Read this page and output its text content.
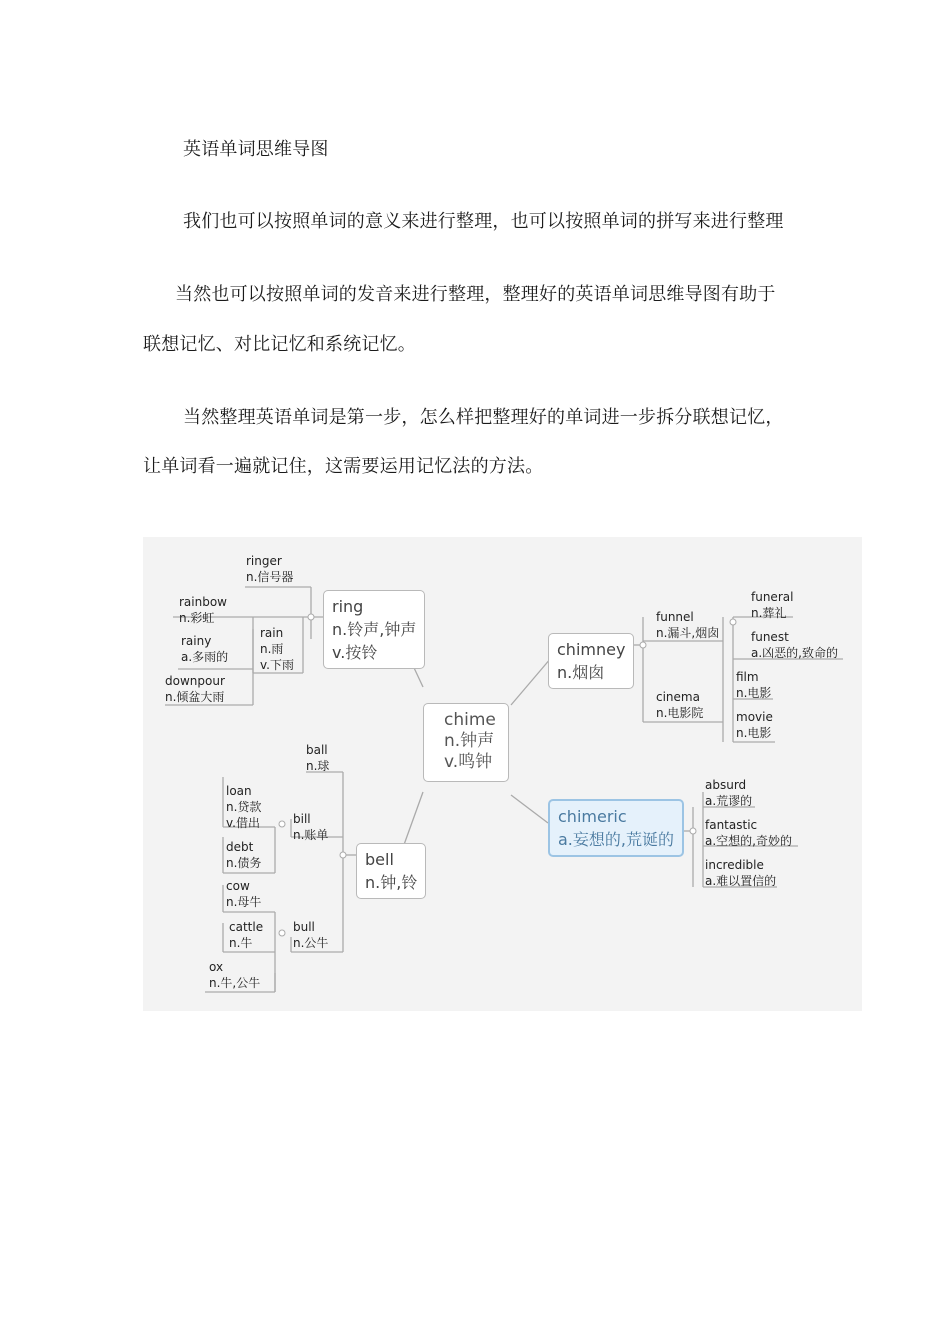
英语单词思维导图
我们也可以按照单词的意义来进行整理，也可以按照单词的拼写来进行整理
当然也可以按照单词的发音来进行整理，整理好的英语单词思维导图有助于
联想记忆、对比记忆和系统记忆。
当然整理英语单词是第一步，怎么样把整理好的单词进一步拆分联想记忆，
让单词看一遍就记住，这需要运用记忆法的方法。
chime
n.钟声
v.鸣钟
ring
n.铃声,钟声
v.按铃
ringer
n.信号器
rain
n.雨
v.下雨
rainbow
n.彩虹
rainy
a.多雨的
downpour
n.倾盆大雨
chimney
n.烟囱
funnel
n.漏斗,烟囱
funeral
n.葬礼
funest
a.凶恶的,致命的
cinema
n.电影院
film
n.电影
movie
n.电影
chimeric
a.妄想的,荒诞的
absurd
a.荒谬的
fantastic
a.空想的,奇妙的
incredible
a.难以置信的
bell
n.钟,铃
ball
n.球
bill
n.账单
loan
n.贷款
v.借出
debt
n.债务
bull
n.公牛
cow
n.母牛
cattle
n.牛
ox
n.牛,公牛
